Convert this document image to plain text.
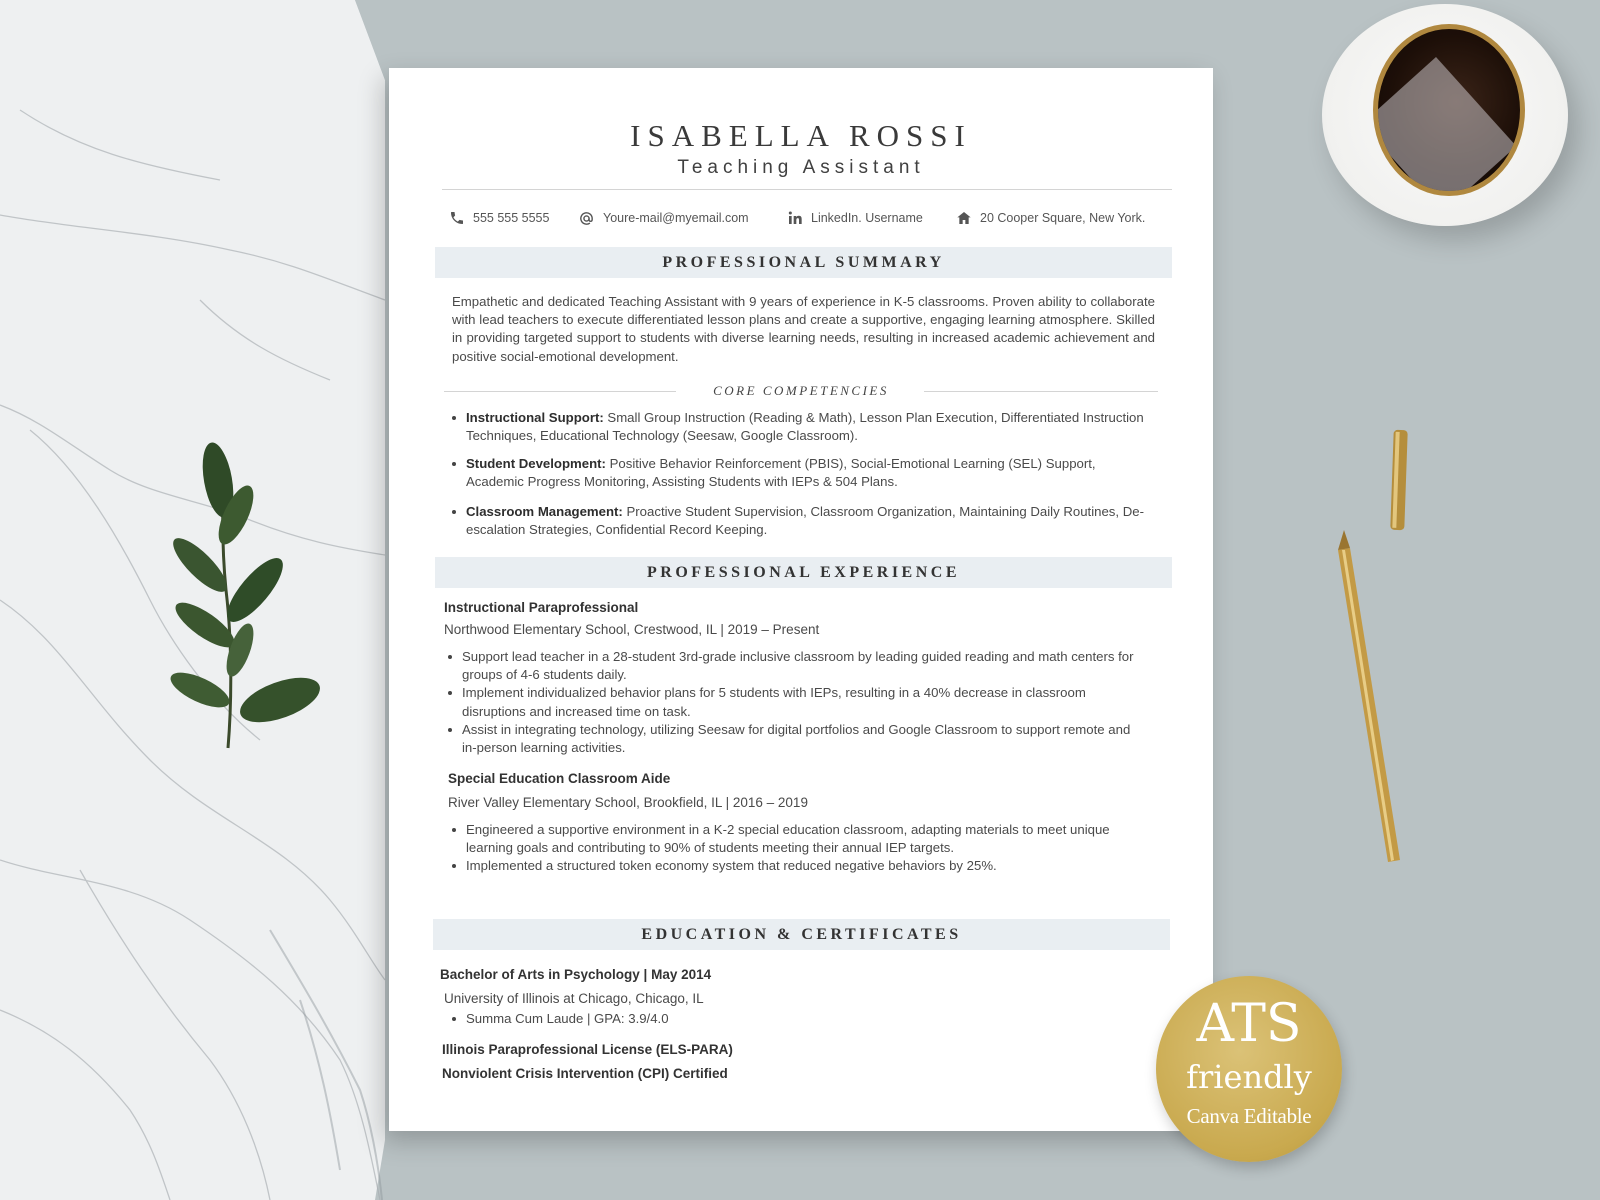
ISABELLA ROSSI
Teaching Assistant
555 555 5555	Youre-mail@myemail.com	LinkedIn. Username	20 Cooper Square, New York.
PROFESSIONAL SUMMARY
Empathetic and dedicated Teaching Assistant with 9 years of experience in K-5 classrooms. Proven ability to collaborate with lead teachers to execute differentiated lesson plans and create a supportive, engaging learning atmosphere. Skilled in providing targeted support to students with diverse learning needs, resulting in increased academic achievement and positive social-emotional development.
CORE COMPETENCIES
Instructional Support: Small Group Instruction (Reading & Math), Lesson Plan Execution, Differentiated Instruction Techniques, Educational Technology (Seesaw, Google Classroom).
Student Development: Positive Behavior Reinforcement (PBIS), Social-Emotional Learning (SEL) Support, Academic Progress Monitoring, Assisting Students with IEPs & 504 Plans.
Classroom Management: Proactive Student Supervision, Classroom Organization, Maintaining Daily Routines, De-escalation Strategies, Confidential Record Keeping.
PROFESSIONAL EXPERIENCE
Instructional Paraprofessional
Northwood Elementary School, Crestwood, IL | 2019 – Present
Support lead teacher in a 28-student 3rd-grade inclusive classroom by leading guided reading and math centers for groups of 4-6 students daily.
Implement individualized behavior plans for 5 students with IEPs, resulting in a 40% decrease in classroom disruptions and increased time on task.
Assist in integrating technology, utilizing Seesaw for digital portfolios and Google Classroom to support remote and in-person learning activities.
Special Education Classroom Aide
River Valley Elementary School, Brookfield, IL | 2016 – 2019
Engineered a supportive environment in a K-2 special education classroom, adapting materials to meet unique learning goals and contributing to 90% of students meeting their annual IEP targets.
Implemented a structured token economy system that reduced negative behaviors by 25%.
EDUCATION & CERTIFICATES
Bachelor of Arts in Psychology | May 2014
University of Illinois at Chicago, Chicago, IL
Summa Cum Laude | GPA: 3.9/4.0
Illinois Paraprofessional License (ELS-PARA)
Nonviolent Crisis Intervention (CPI) Certified
ATS
friendly
Canva Editable
